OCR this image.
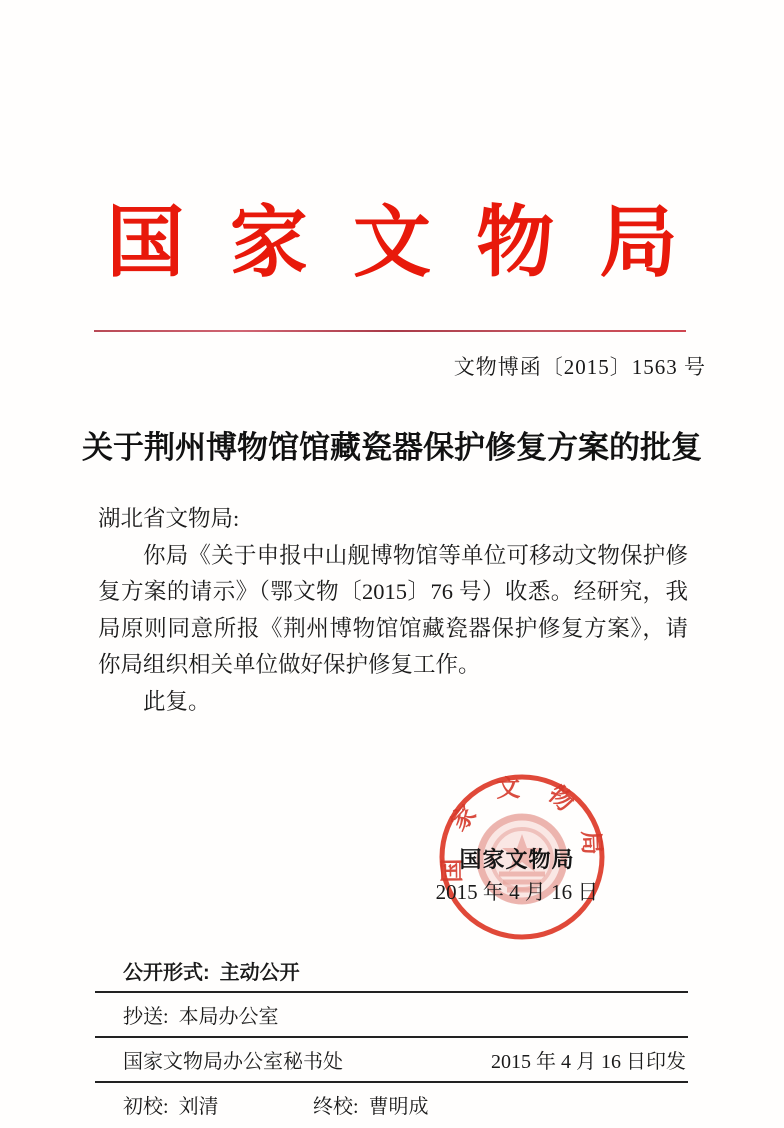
国家文物局
文物博函〔2015〕1563 号
关于荆州博物馆馆藏瓷器保护修复方案的批复
湖北省文物局:
你局《关于申报中山舰博物馆等单位可移动文物保护修复方案的请示》（鄂文物〔2015〕76 号）收悉。经研究，我局原则同意所报《荆州博物馆馆藏瓷器保护修复方案》，请你局组织相关单位做好保护修复工作。
此复。
国家文物局
国家文物局
2015 年 4 月 16 日
公开形式: 主动公开
抄送: 本局办公室
国家文物局办公室秘书处	2015 年 4 月 16 日印发
初校: 刘清	终校: 曹明成
